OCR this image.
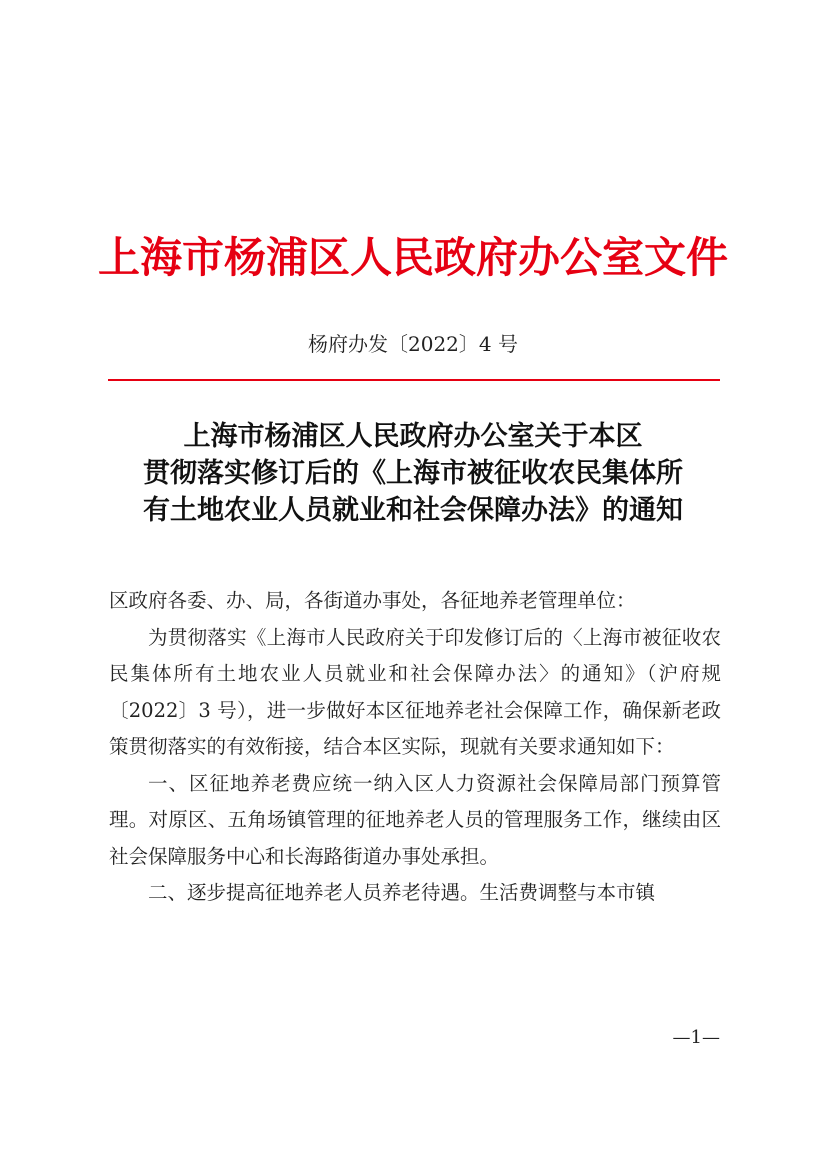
上海市杨浦区人民政府办公室文件
杨府办发〔2022〕4 号
上海市杨浦区人民政府办公室关于本区
贯彻落实修订后的《上海市被征收农民集体所
有土地农业人员就业和社会保障办法》的通知

区政府各委、办、局，各街道办事处，各征地养老管理单位：

为贯彻落实《上海市人民政府关于印发修订后的〈上海市被征收农民集体所有土地农业人员就业和社会保障办法〉的通知》（沪府规〔2022〕3 号），进一步做好本区征地养老社会保障工作，确保新老政策贯彻落实的有效衔接，结合本区实际，现就有关要求通知如下：

一、区征地养老费应统一纳入区人力资源社会保障局部门预算管理。对原区、五角场镇管理的征地养老人员的管理服务工作，继续由区社会保障服务中心和长海路街道办事处承担。

二、逐步提高征地养老人员养老待遇。生活费调整与本市镇

—1—
